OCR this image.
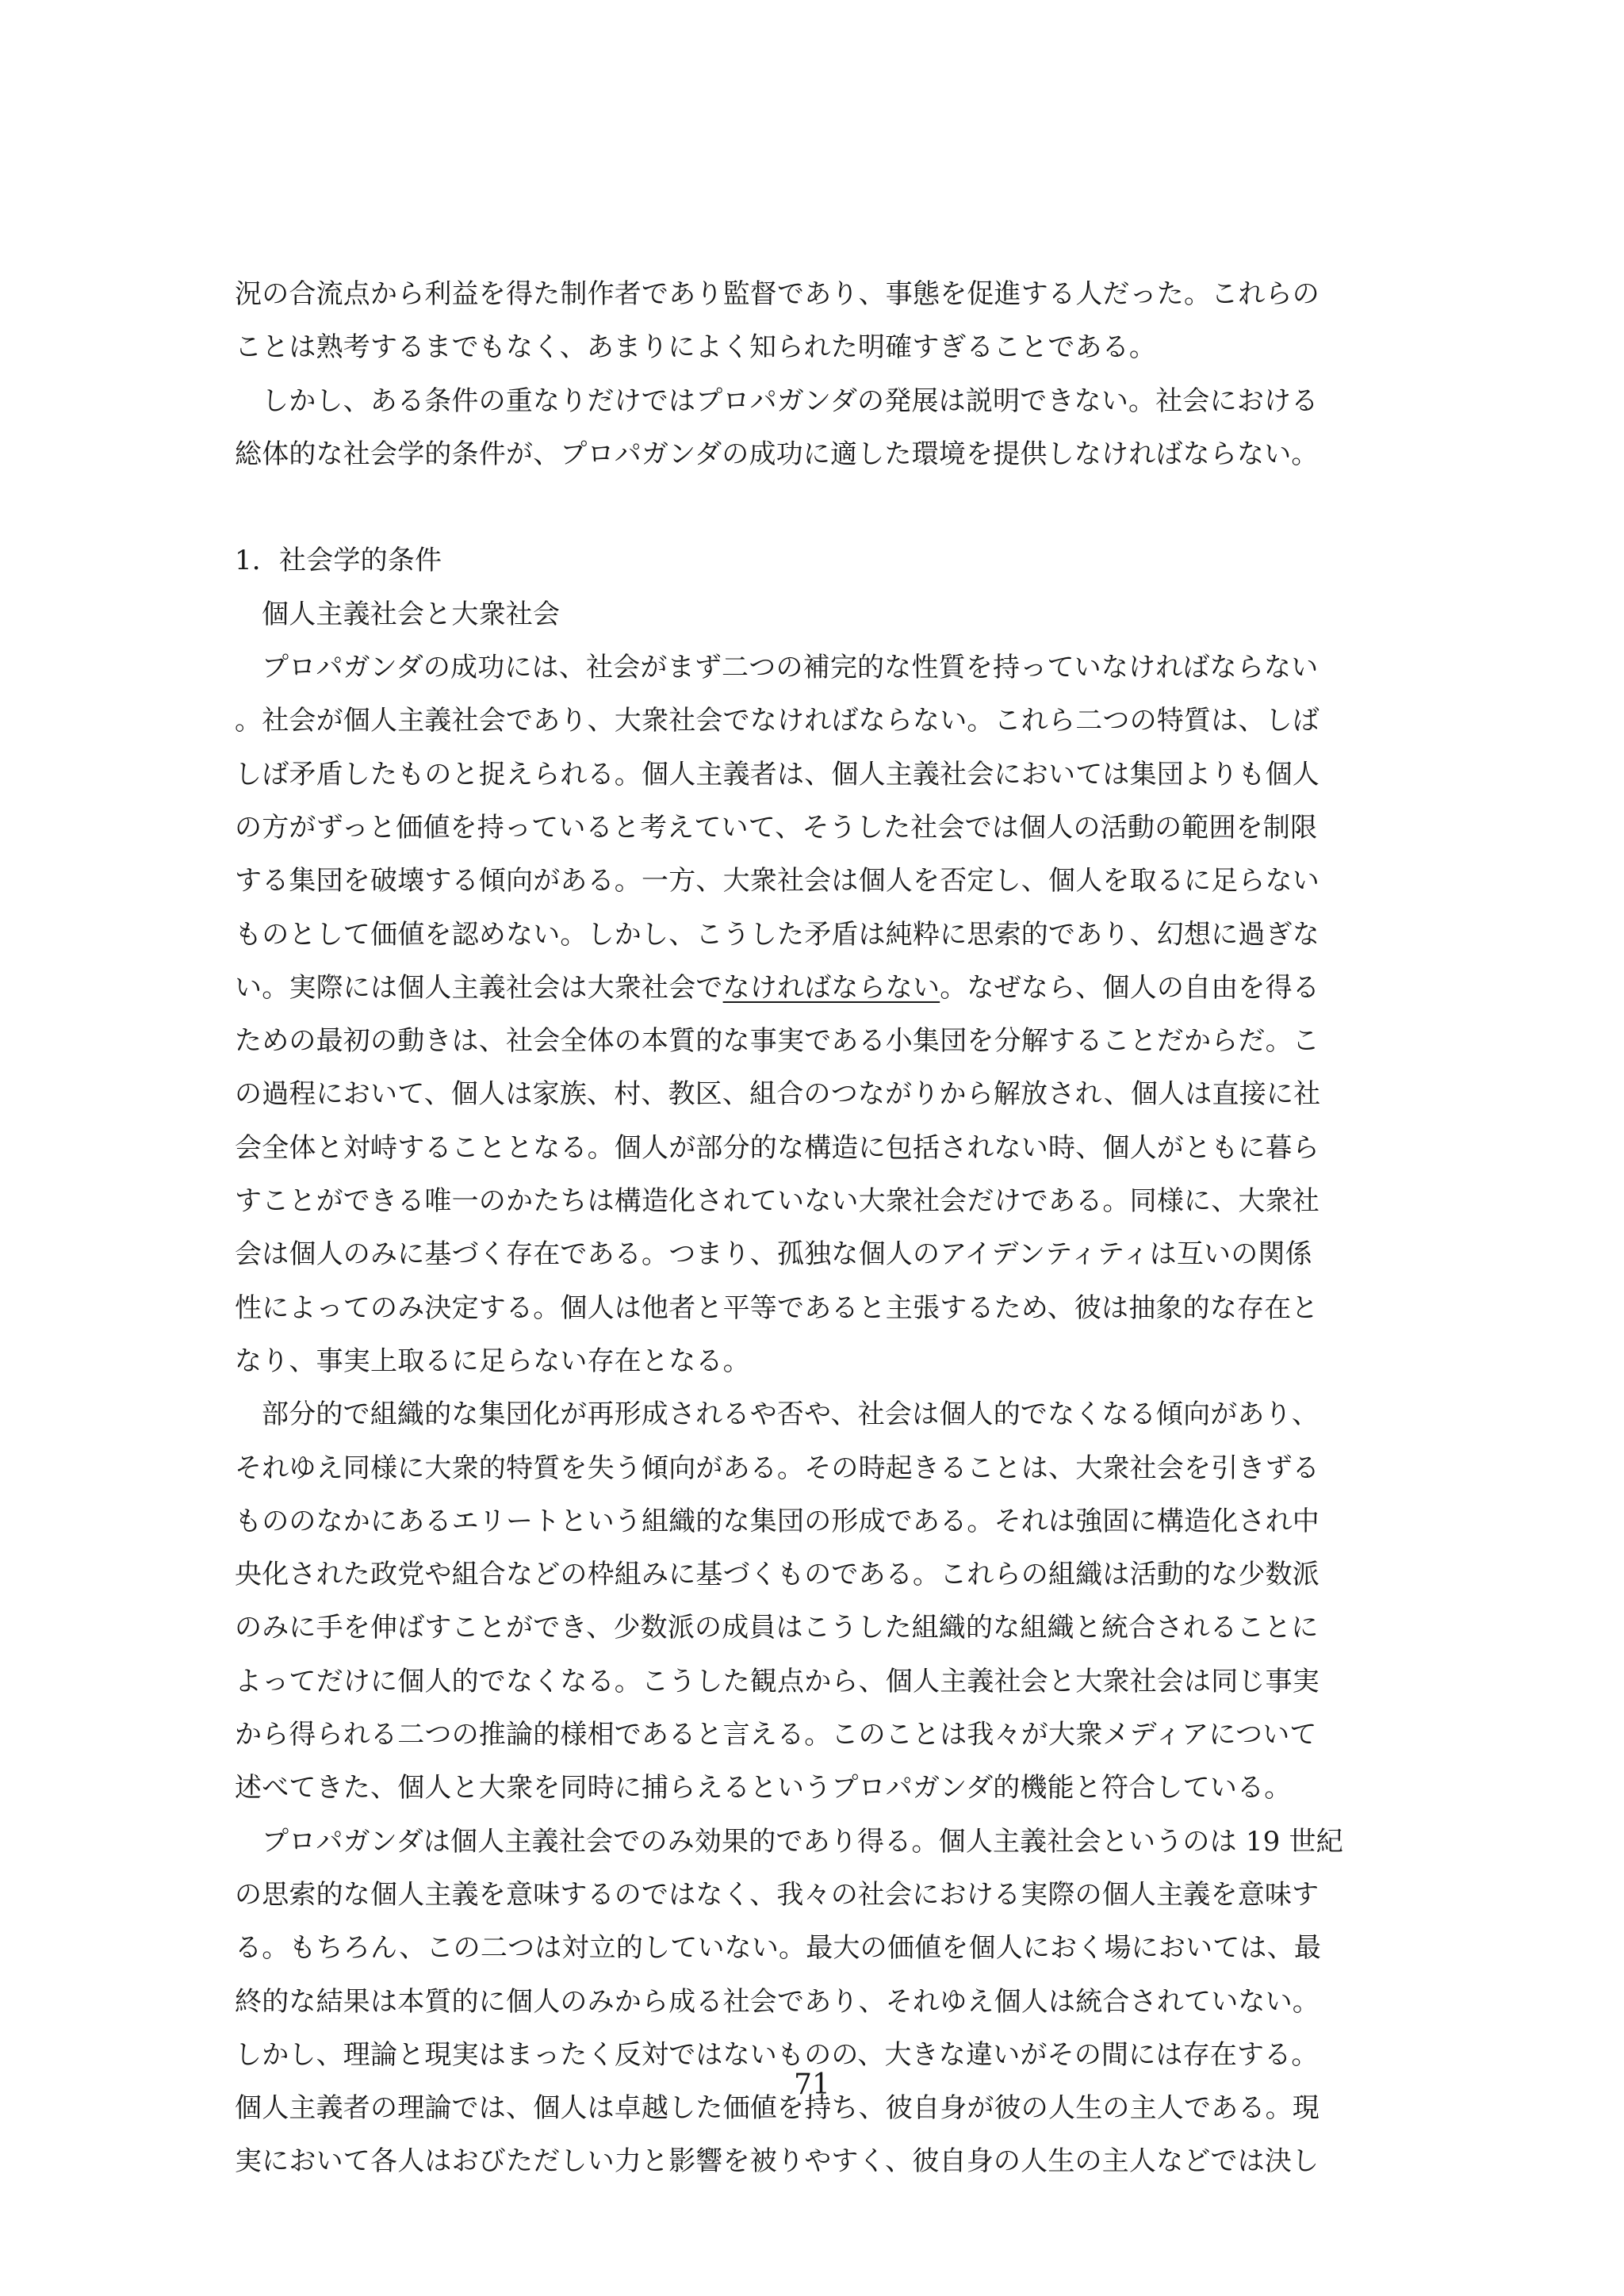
況の合流点から利益を得た制作者であり監督であり、事態を促進する人だった。これらの
ことは熟考するまでもなく、あまりによく知られた明確すぎることである。
しかし、ある条件の重なりだけではプロパガンダの発展は説明できない。社会における
総体的な社会学的条件が、プロパガンダの成功に適した環境を提供しなければならない。
1．社会学的条件
個人主義社会と大衆社会
プロパガンダの成功には、社会がまず二つの補完的な性質を持っていなければならない
。社会が個人主義社会であり、大衆社会でなければならない。これら二つの特質は、しば
しば矛盾したものと捉えられる。個人主義者は、個人主義社会においては集団よりも個人
の方がずっと価値を持っていると考えていて、そうした社会では個人の活動の範囲を制限
する集団を破壊する傾向がある。一方、大衆社会は個人を否定し、個人を取るに足らない
ものとして価値を認めない。しかし、こうした矛盾は純粋に思索的であり、幻想に過ぎな
い。実際には個人主義社会は大衆社会でなければならない。なぜなら、個人の自由を得る
ための最初の動きは、社会全体の本質的な事実である小集団を分解することだからだ。こ
の過程において、個人は家族、村、教区、組合のつながりから解放され、個人は直接に社
会全体と対峙することとなる。個人が部分的な構造に包括されない時、個人がともに暮ら
すことができる唯一のかたちは構造化されていない大衆社会だけである。同様に、大衆社
会は個人のみに基づく存在である。つまり、孤独な個人のアイデンティティは互いの関係
性によってのみ決定する。個人は他者と平等であると主張するため、彼は抽象的な存在と
なり、事実上取るに足らない存在となる。
部分的で組織的な集団化が再形成されるや否や、社会は個人的でなくなる傾向があり、
それゆえ同様に大衆的特質を失う傾向がある。その時起きることは、大衆社会を引きずる
もののなかにあるエリートという組織的な集団の形成である。それは強固に構造化され中
央化された政党や組合などの枠組みに基づくものである。これらの組織は活動的な少数派
のみに手を伸ばすことができ、少数派の成員はこうした組織的な組織と統合されることに
よってだけに個人的でなくなる。こうした観点から、個人主義社会と大衆社会は同じ事実
から得られる二つの推論的様相であると言える。このことは我々が大衆メディアについて
述べてきた、個人と大衆を同時に捕らえるというプロパガンダ的機能と符合している。
プロパガンダは個人主義社会でのみ効果的であり得る。個人主義社会というのは 19 世紀
の思索的な個人主義を意味するのではなく、我々の社会における実際の個人主義を意味す
る。もちろん、この二つは対立的していない。最大の価値を個人におく場においては、最
終的な結果は本質的に個人のみから成る社会であり、それゆえ個人は統合されていない。
しかし、理論と現実はまったく反対ではないものの、大きな違いがその間には存在する。
個人主義者の理論では、個人は卓越した価値を持ち、彼自身が彼の人生の主人である。現
実において各人はおびただしい力と影響を被りやすく、彼自身の人生の主人などでは決し
71
